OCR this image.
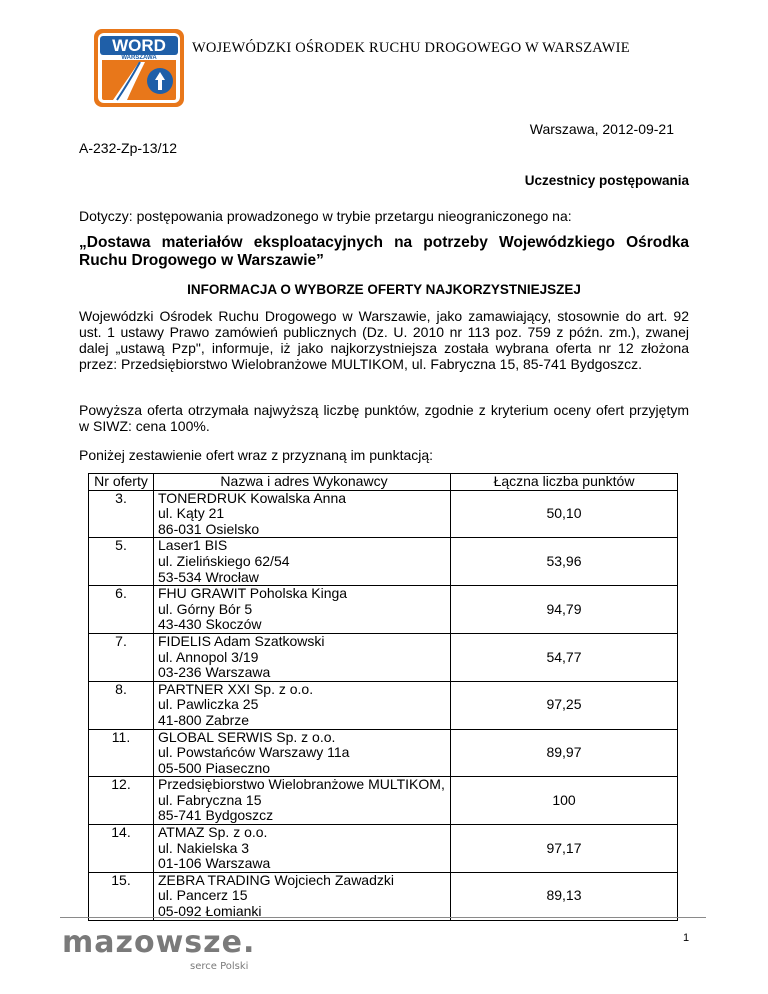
WORD
WARSZAWA
WOJEWÓDZKI OŚRODEK RUCHU DROGOWEGO W WARSZAWIE
Warszawa, 2012-09-21
A-232-Zp-13/12
Uczestnicy postępowania
Dotyczy: postępowania prowadzonego w trybie przetargu nieograniczonego na:
„Dostawa materiałów eksploatacyjnych na potrzeby Wojewódzkiego Ośrodka Ruchu Drogowego w Warszawie”
INFORMACJA O WYBORZE OFERTY NAJKORZYSTNIEJSZEJ
Wojewódzki Ośrodek Ruchu Drogowego w Warszawie, jako zamawiający, stosownie do art. 92 ust. 1 ustawy Prawo zamówień publicznych (Dz. U. 2010 nr 113 poz. 759 z późn. zm.), zwanej dalej „ustawą Pzp", informuje, iż jako najkorzystniejsza została wybrana oferta nr 12 złożona przez: Przedsiębiorstwo Wielobranżowe MULTIKOM, ul. Fabryczna 15, 85-741 Bydgoszcz.
Powyższa oferta otrzymała najwyższą liczbę punktów, zgodnie z kryterium oceny ofert przyjętym w SIWZ: cena 100%.
Poniżej zestawienie ofert wraz z przyznaną im punktacją:
Nr oferty	Nazwa i adres Wykonawcy	Łączna liczba punktów
3.	TONERDRUK Kowalska Anna
ul. Kąty 21
86-031 Osielsko	50,10
5.	Laser1 BIS
ul. Zielińskiego 62/54
53-534 Wrocław	53,96
6.	FHU GRAWIT Poholska Kinga
ul. Górny Bór 5
43-430 Skoczów	94,79
7.	FIDELIS Adam Szatkowski
ul. Annopol 3/19
03-236 Warszawa	54,77
8.	PARTNER XXI Sp. z o.o.
ul. Pawliczka 25
41-800 Zabrze	97,25
11.	GLOBAL SERWIS Sp. z o.o.
ul. Powstańców Warszawy 11a
05-500 Piaseczno	89,97
12.	Przedsiębiorstwo Wielobranżowe MULTIKOM,
ul. Fabryczna 15
85-741 Bydgoszcz	100
14.	ATMAZ Sp. z o.o.
ul. Nakielska 3
01-106 Warszawa	97,17
15.	ZEBRA TRADING Wojciech Zawadzki
ul. Pancerz 15
05-092 Łomianki	89,13
mazowsze.
serce Polski
1
